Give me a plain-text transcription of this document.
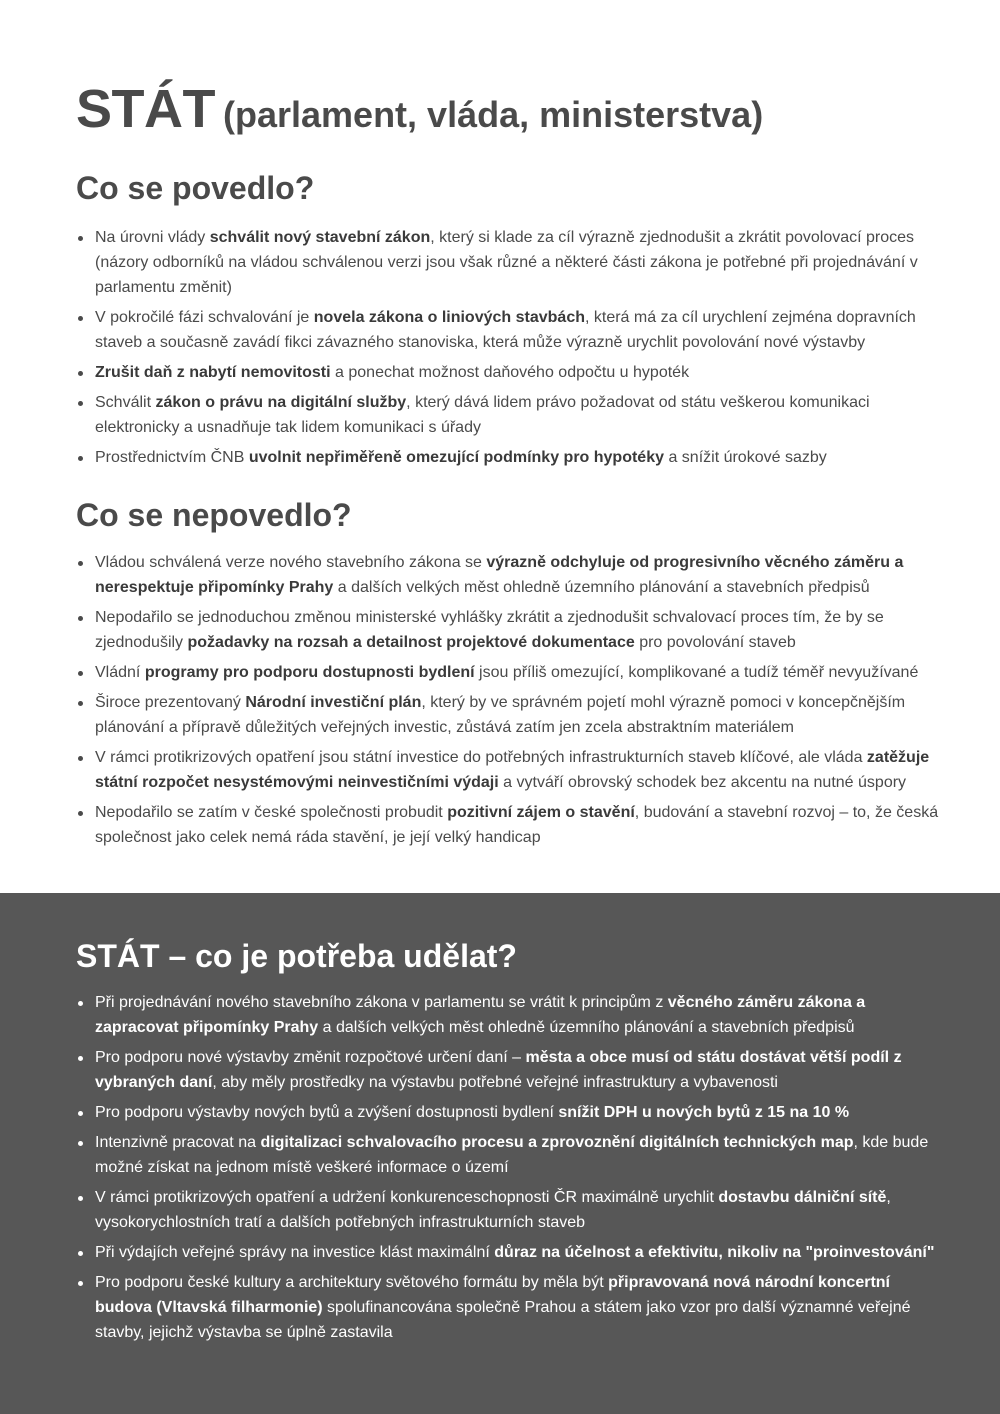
STÁT (parlament, vláda, ministerstva)
Co se povedlo?
Na úrovni vlády schválit nový stavební zákon, který si klade za cíl výrazně zjednodušit a zkrátit povolovací proces (názory odborníků na vládou schválenou verzi jsou však různé a některé části zákona je potřebné při projednávání v parlamentu změnit)
V pokročilé fázi schvalování je novela zákona o liniových stavbách, která má za cíl urychlení zejména dopravních staveb a současně zavádí fikci závazného stanoviska, která může výrazně urychlit povolování nové výstavby
Zrušit daň z nabytí nemovitosti a ponechat možnost daňového odpočtu u hypoték
Schválit zákon o právu na digitální služby, který dává lidem právo požadovat od státu veškerou komunikaci elektronicky a usnadňuje tak lidem komunikaci s úřady
Prostřednictvím ČNB uvolnit nepřiměřeně omezující podmínky pro hypotéky a snížit úrokové sazby
Co se nepovedlo?
Vládou schválená verze nového stavebního zákona se výrazně odchyluje od progresivního věcného záměru a nerespektuje připomínky Prahy a dalších velkých měst ohledně územního plánování a stavebních předpisů
Nepodařilo se jednoduchou změnou ministerské vyhlášky zkrátit a zjednodušit schvalovací proces tím, že by se zjednodušily požadavky na rozsah a detailnost projektové dokumentace pro povolování staveb
Vládní programy pro podporu dostupnosti bydlení jsou příliš omezující, komplikované a tudíž téměř nevyužívané
Široce prezentovaný Národní investiční plán, který by ve správném pojetí mohl výrazně pomoci v koncepčnějším plánování a přípravě důležitých veřejných investic, zůstává zatím jen zcela abstraktním materiálem
V rámci protikrizových opatření jsou státní investice do potřebných infrastrukturních staveb klíčové, ale vláda zatěžuje státní rozpočet nesystémovými neinvestičními výdaji a vytváří obrovský schodek bez akcentu na nutné úspory
Nepodařilo se zatím v české společnosti probudit pozitivní zájem o stavění, budování a stavební rozvoj – to, že česká společnost jako celek nemá ráda stavění, je její velký handicap
STÁT – co je potřeba udělat?
Při projednávání nového stavebního zákona v parlamentu se vrátit k principům z věcného záměru zákona a zapracovat připomínky Prahy a dalších velkých měst ohledně územního plánování a stavebních předpisů
Pro podporu nové výstavby změnit rozpočtové určení daní – města a obce musí od státu dostávat větší podíl z vybraných daní, aby měly prostředky na výstavbu potřebné veřejné infrastruktury a vybavenosti
Pro podporu výstavby nových bytů a zvýšení dostupnosti bydlení snížit DPH u nových bytů z 15 na 10 %
Intenzivně pracovat na digitalizaci schvalovacího procesu a zprovoznění digitálních technických map, kde bude možné získat na jednom místě veškeré informace o území
V rámci protikrizových opatření a udržení konkurenceschopnosti ČR maximálně urychlit dostavbu dálniční sítě, vysokorychlostních tratí a dalších potřebných infrastrukturních staveb
Při výdajích veřejné správy na investice klást maximální důraz na účelnost a efektivitu, nikoliv na "proinvestování"
Pro podporu české kultury a architektury světového formátu by měla být připravovaná nová národní koncertní budova (Vltavská filharmonie) spolufinancována společně Prahou a státem jako vzor pro další významné veřejné stavby, jejichž výstavba se úplně zastavila
